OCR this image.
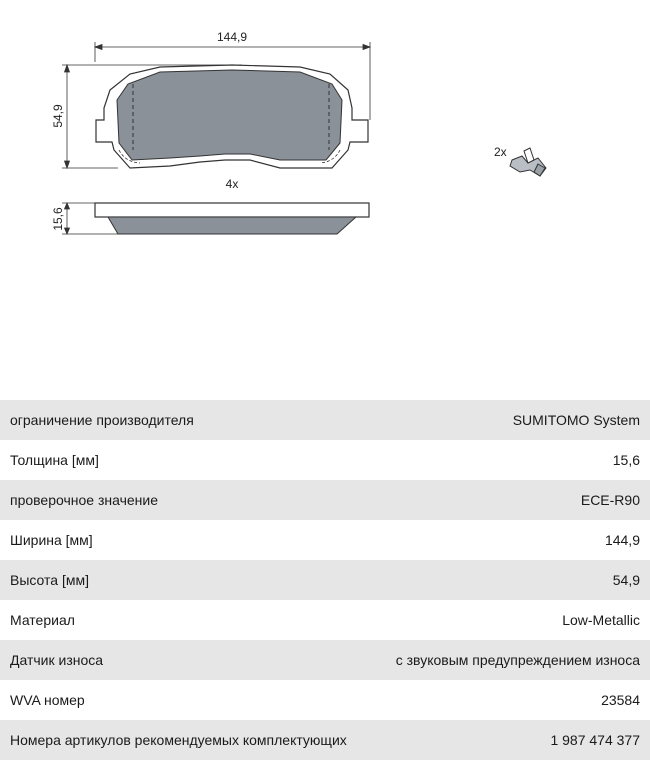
144,9
54,9
4x
15,6
2x
ограничение производителя	SUMITOMO System
Толщина [мм]	15,6
проверочное значение	ECE-R90
Ширина [мм]	144,9
Высота [мм]	54,9
Материал	Low-Metallic
Датчик износа	с звуковым предупреждением износа
WVA номер	23584
Номера артикулов рекомендуемых комплектующих	1 987 474 377
